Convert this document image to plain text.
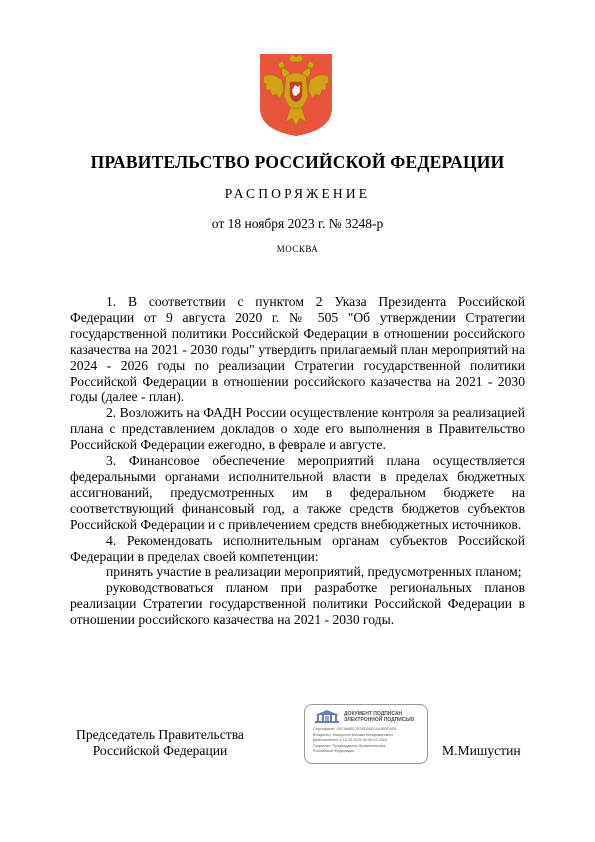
ПРАВИТЕЛЬСТВО РОССИЙСКОЙ ФЕДЕРАЦИИ
РАСПОРЯЖЕНИЕ
от 18 ноября 2023 г. № 3248-р
МОСКВА

1. В соответствии с пунктом 2 Указа Президента Российской Федерации от 9 августа 2020 г. № 505 "Об утверждении Стратегии государственной политики Российской Федерации в отношении российского казачества на 2021 - 2030 годы" утвердить прилагаемый план мероприятий на 2024 - 2026 годы по реализации Стратегии государственной политики Российской Федерации в отношении российского казачества на 2021 - 2030 годы (далее - план).

2. Возложить на ФАДН России осуществление контроля за реализацией плана с представлением докладов о ходе его выполнения в Правительство Российской Федерации ежегодно, в феврале и августе.

3. Финансовое обеспечение мероприятий плана осуществляется федеральными органами исполнительной власти в пределах бюджетных ассигнований, предусмотренных им в федеральном бюджете на соответствующий финансовый год, а также средств бюджетов субъектов Российской Федерации и с привлечением средств внебюджетных источников.

4. Рекомендовать исполнительным органам субъектов Российской Федерации в пределах своей компетенции:

принять участие в реализации мероприятий, предусмотренных планом;

руководствоваться планом при разработке региональных планов реализации Стратегии государственной политики Российской Федерации в отношении российского казачества на 2021 - 2030 годы.

Председатель Правительства
Российской Федерации
ДОКУМЕНТ ПОДПИСАН
ЭЛЕКТРОННОЙ ПОДПИСЬЮ
Сертификат: 00C9A8B17E00D2AF01A3B3F6E5
Владелец: Мишустин Михаил Владимирович
Действителен: с 12.12.2022 по 06.03.2024
Подписал: Председатель Правительства
Российской Федерации	М.Мишустин
